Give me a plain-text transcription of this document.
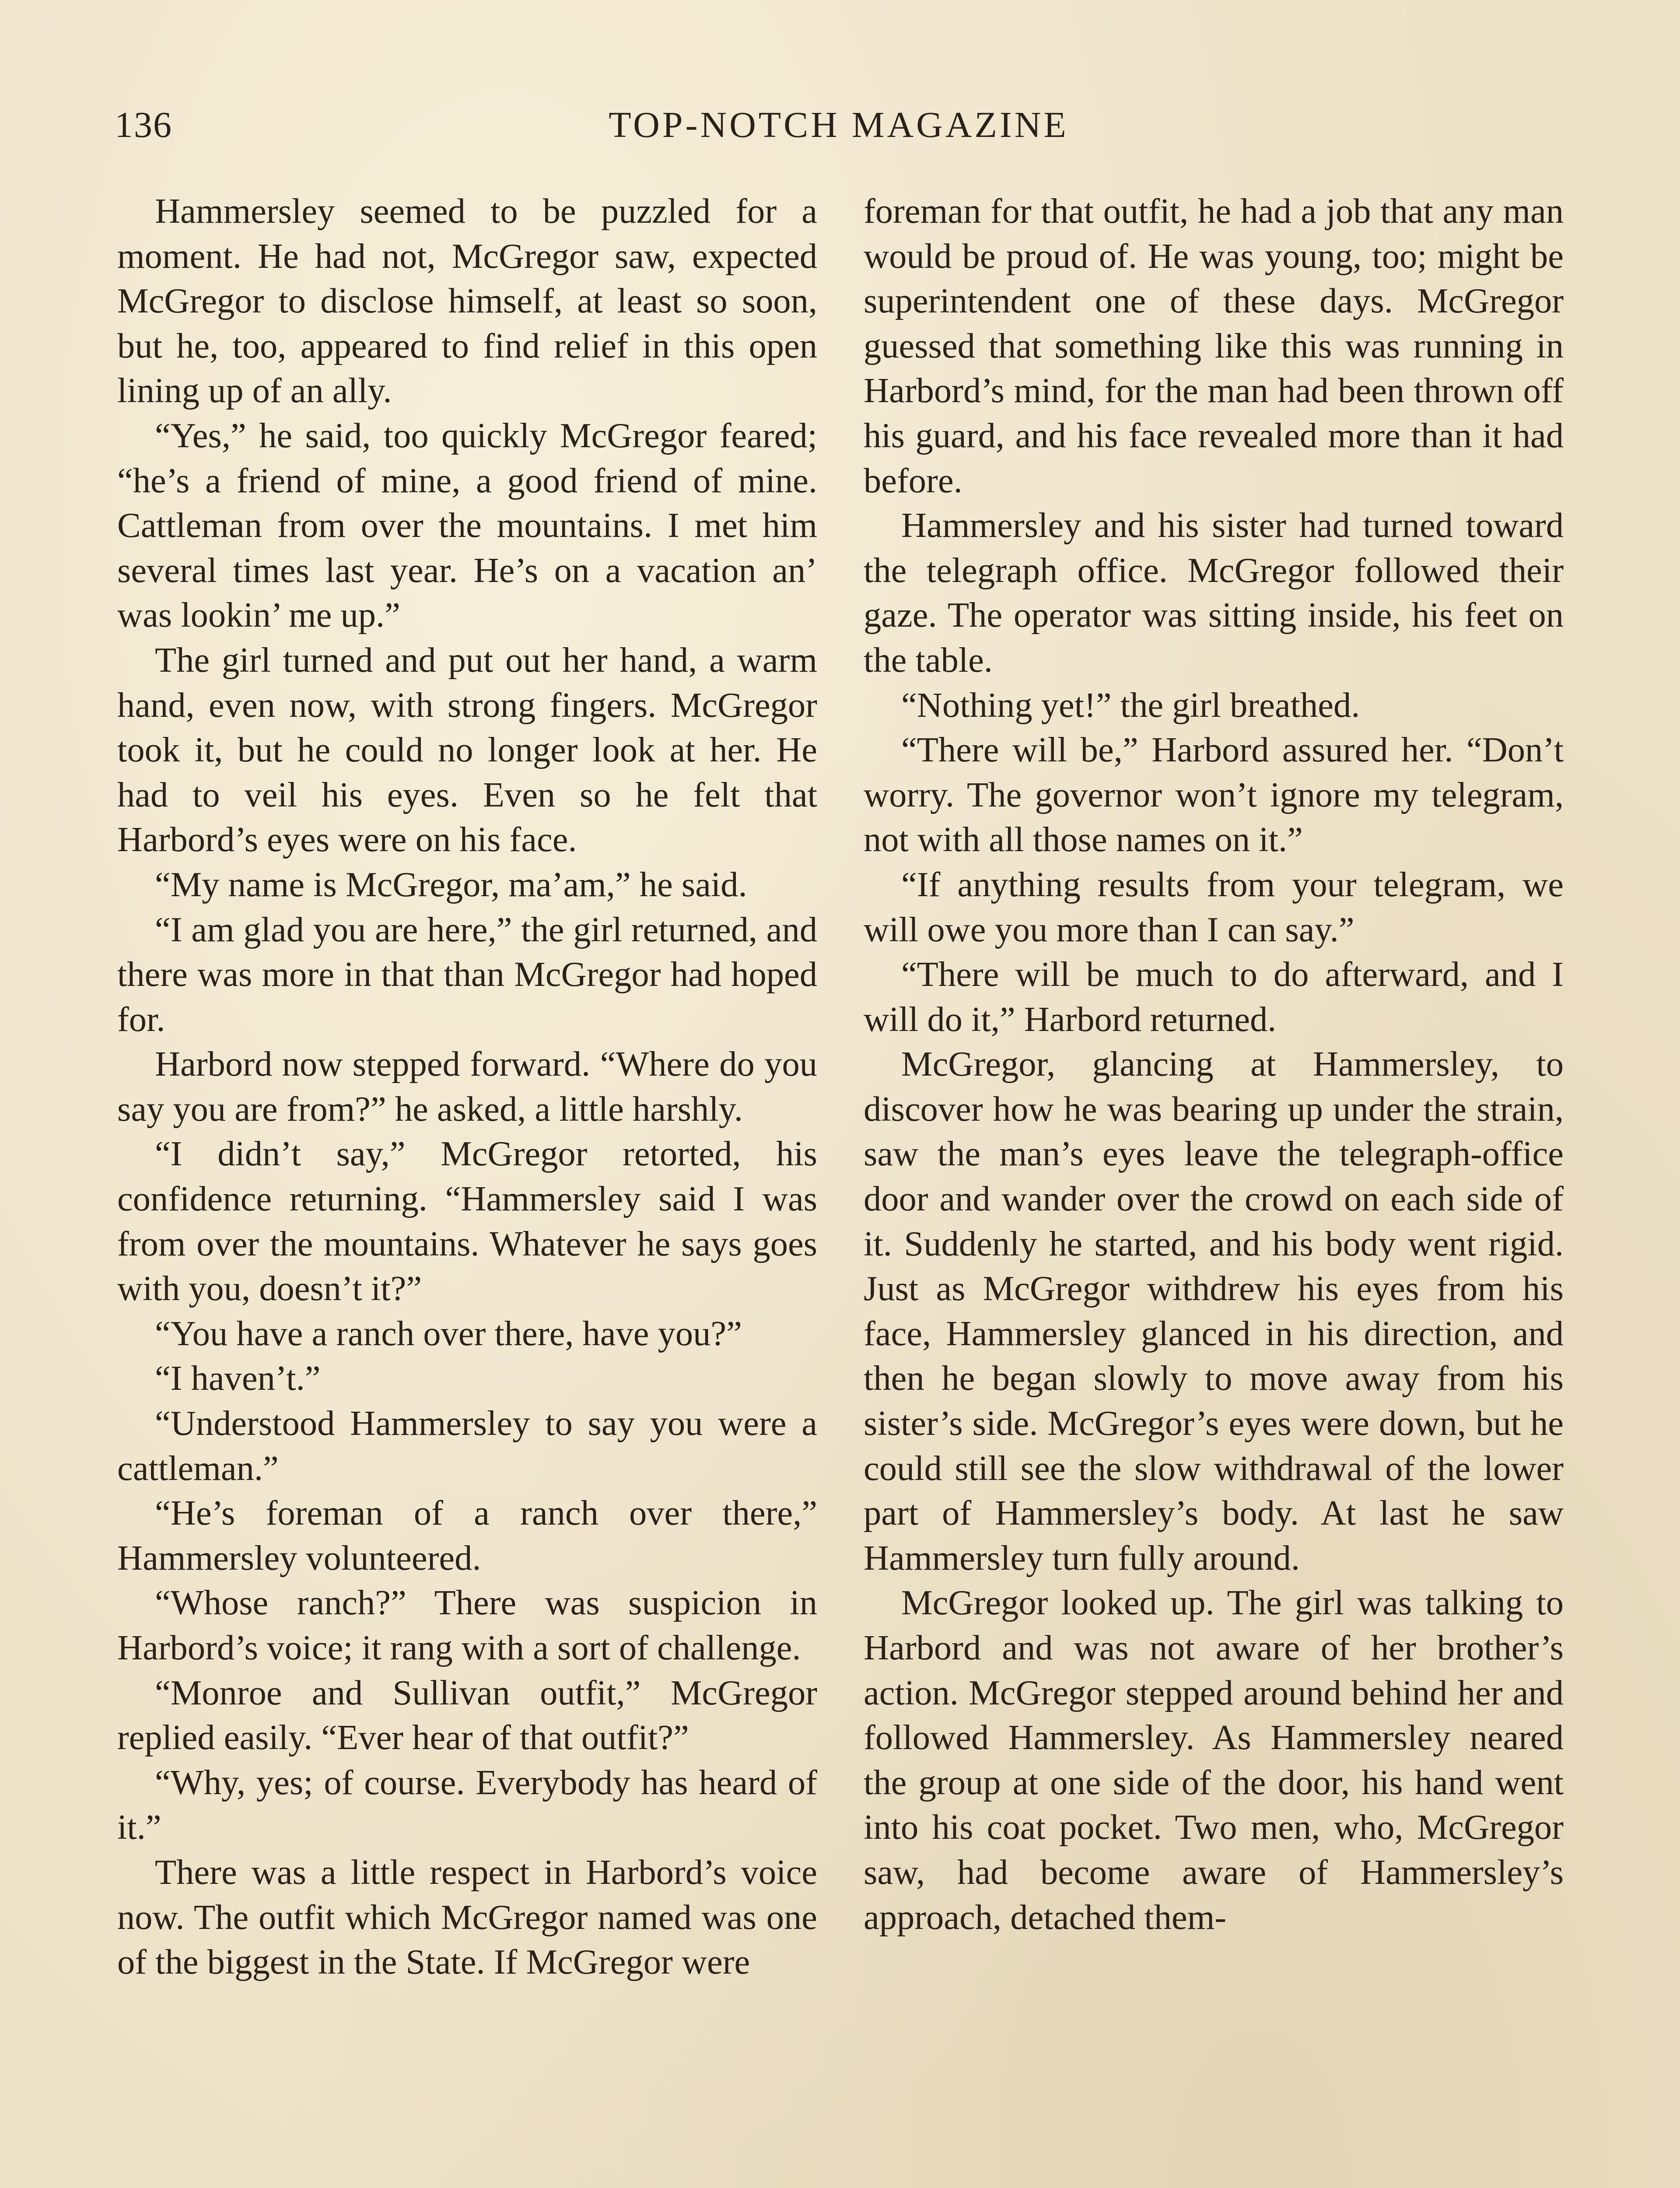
136	TOP-NOTCH MAGAZINE

Hammersley seemed to be puzzled for a moment. He had not, McGregor saw, expected McGregor to disclose himself, at least so soon, but he, too, appeared to find relief in this open lining up of an ally.

“Yes,” he said, too quickly McGregor feared; “he’s a friend of mine, a good friend of mine. Cattleman from over the mountains. I met him several times last year. He’s on a vacation an’ was lookin’ me up.”

The girl turned and put out her hand, a warm hand, even now, with strong fingers. McGregor took it, but he could no longer look at her. He had to veil his eyes. Even so he felt that Harbord’s eyes were on his face.

“My name is McGregor, ma’am,” he said.

“I am glad you are here,” the girl returned, and there was more in that than McGregor had hoped for.

Harbord now stepped forward. “Where do you say you are from?” he asked, a little harshly.

“I didn’t say,” McGregor retorted, his confidence returning. “Hammersley said I was from over the mountains. Whatever he says goes with you, doesn’t it?”

“You have a ranch over there, have you?”

“I haven’t.”

“Understood Hammersley to say you were a cattleman.”

“He’s foreman of a ranch over there,” Hammersley volunteered.

“Whose ranch?” There was suspicion in Harbord’s voice; it rang with a sort of challenge.

“Monroe and Sullivan outfit,” McGregor replied easily. “Ever hear of that outfit?”

“Why, yes; of course. Everybody has heard of it.”

There was a little respect in Harbord’s voice now. The outfit which McGregor named was one of the biggest in the State. If McGregor were

foreman for that outfit, he had a job that any man would be proud of. He was young, too; might be superintendent one of these days. McGregor guessed that something like this was running in Harbord’s mind, for the man had been thrown off his guard, and his face revealed more than it had before.

Hammersley and his sister had turned toward the telegraph office. McGregor followed their gaze. The operator was sitting inside, his feet on the table.

“Nothing yet!” the girl breathed.

“There will be,” Harbord assured her. “Don’t worry. The governor won’t ignore my telegram, not with all those names on it.”

“If anything results from your telegram, we will owe you more than I can say.”

“There will be much to do afterward, and I will do it,” Harbord returned.

McGregor, glancing at Hammersley, to discover how he was bearing up under the strain, saw the man’s eyes leave the telegraph-office door and wander over the crowd on each side of it. Suddenly he started, and his body went rigid. Just as McGregor withdrew his eyes from his face, Hammersley glanced in his direction, and then he began slowly to move away from his sister’s side. McGregor’s eyes were down, but he could still see the slow withdrawal of the lower part of Hammersley’s body. At last he saw Hammersley turn fully around.

McGregor looked up. The girl was talking to Harbord and was not aware of her brother’s action. McGregor stepped around behind her and followed Hammersley. As Hammersley neared the group at one side of the door, his hand went into his coat pocket. Two men, who, McGregor saw, had become aware of Hammersley’s approach, detached them-
